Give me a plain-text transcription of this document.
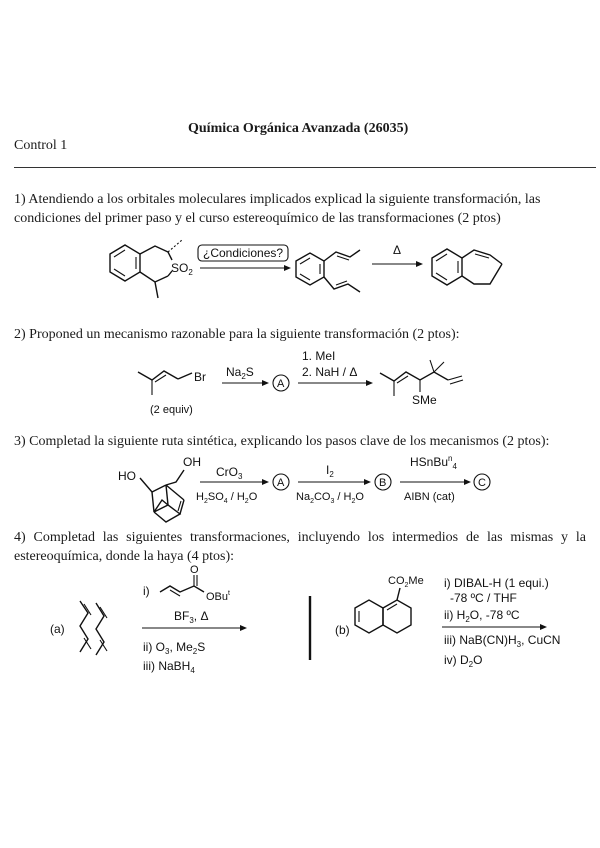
Química Orgánica Avanzada (26035)
Control 1
1) Atendiendo a los orbitales moleculares implicados explicad la siguiente transformación, las condiciones del primer paso y el curso estereoquímico de las transformaciones (2 ptos)
$SO_2$
¿Condiciones?	Δ
2) Proponed un mecanismo razonable para la siguiente transformación (2 ptos):
Br
(2 equiv)
$Na_2S$
A
1. MeI
2. NaH / Δ
SMe
3) Completad la siguiente ruta sintética, explicando los pasos clave de los mecanismos (2 ptos):
HO
OH
CrO$_3$
$H_2SO_4 / H_2O$
A
$I_2$
$Na_2CO_3 / H_2O$
B
HSnBu$^n_4$
AIBN (cat)
C
4) Completad las siguientes transformaciones, incluyendo los intermedios de las mismas y la estereoquímica, donde la haya (4 ptos):
(a)
i)
O
OBu$^t$
$BF_3$, Δ
ii) $O_3$, $Me_2S$
iii) NaBH$_4$
(b)
$CO_2Me$ i) DIBAL-H (1 equi.)
-78 ºC / THF
ii) $H_2O$, -78 ºC
iii) $NaB(CN)H_3$, CuCN
iv) $D_2O$
